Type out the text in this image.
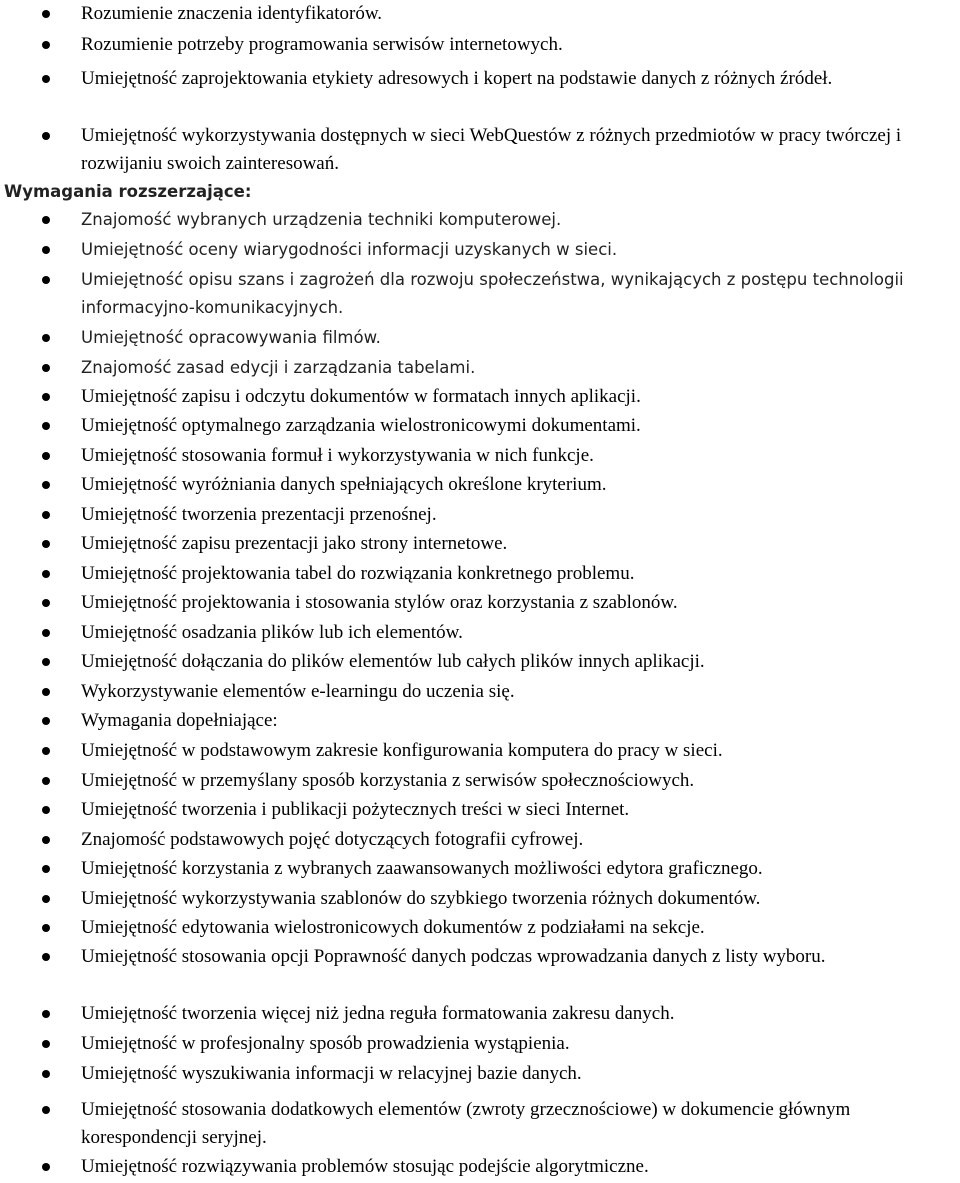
Rozumienie znaczenia identyfikatorów.
Rozumienie potrzeby programowania serwisów internetowych.
Umiejętność zaprojektowania etykiety adresowych i kopert na podstawie danych z różnych źródeł.
Umiejętność wykorzystywania dostępnych w sieci WebQuestów z różnych przedmiotów w pracy twórczej i rozwijaniu swoich zainteresowań.
Wymagania rozszerzające:
Znajomość wybranych urządzenia techniki komputerowej.
Umiejętność oceny wiarygodności informacji uzyskanych w sieci.
Umiejętność opisu szans i zagrożeń dla rozwoju społeczeństwa, wynikających z postępu technologii informacyjno-komunikacyjnych.
Umiejętność opracowywania filmów.
Znajomość zasad edycji i zarządzania tabelami.
Umiejętność zapisu i odczytu dokumentów w formatach innych aplikacji.
Umiejętność optymalnego zarządzania wielostronicowymi dokumentami.
Umiejętność stosowania formuł i wykorzystywania w nich funkcje.
Umiejętność wyróżniania danych spełniających określone kryterium.
Umiejętność tworzenia prezentacji przenośnej.
Umiejętność zapisu prezentacji jako strony internetowe.
Umiejętność projektowania tabel do rozwiązania konkretnego problemu.
Umiejętność projektowania i stosowania stylów oraz korzystania z szablonów.
Umiejętność osadzania plików lub ich elementów.
Umiejętność dołączania do plików elementów lub całych plików innych aplikacji.
Wykorzystywanie elementów e-learningu do uczenia się.
Wymagania dopełniające:
Umiejętność w podstawowym zakresie konfigurowania komputera do pracy w sieci.
Umiejętność w przemyślany sposób korzystania z serwisów społecznościowych.
Umiejętność tworzenia i publikacji pożytecznych treści w sieci Internet.
Znajomość podstawowych pojęć dotyczących fotografii cyfrowej.
Umiejętność korzystania z wybranych zaawansowanych możliwości edytora graficznego.
Umiejętność wykorzystywania szablonów do szybkiego tworzenia różnych dokumentów.
Umiejętność edytowania wielostronicowych dokumentów z podziałami na sekcje.
Umiejętność stosowania opcji Poprawność danych podczas wprowadzania danych z listy wyboru.
Umiejętność tworzenia więcej niż jedna reguła formatowania zakresu danych.
Umiejętność w profesjonalny sposób prowadzienia wystąpienia.
Umiejętność wyszukiwania informacji w relacyjnej bazie danych.
Umiejętność stosowania dodatkowych elementów (zwroty grzecznościowe) w dokumencie głównym korespondencji seryjnej.
Umiejętność rozwiązywania problemów stosując podejście algorytmiczne.
